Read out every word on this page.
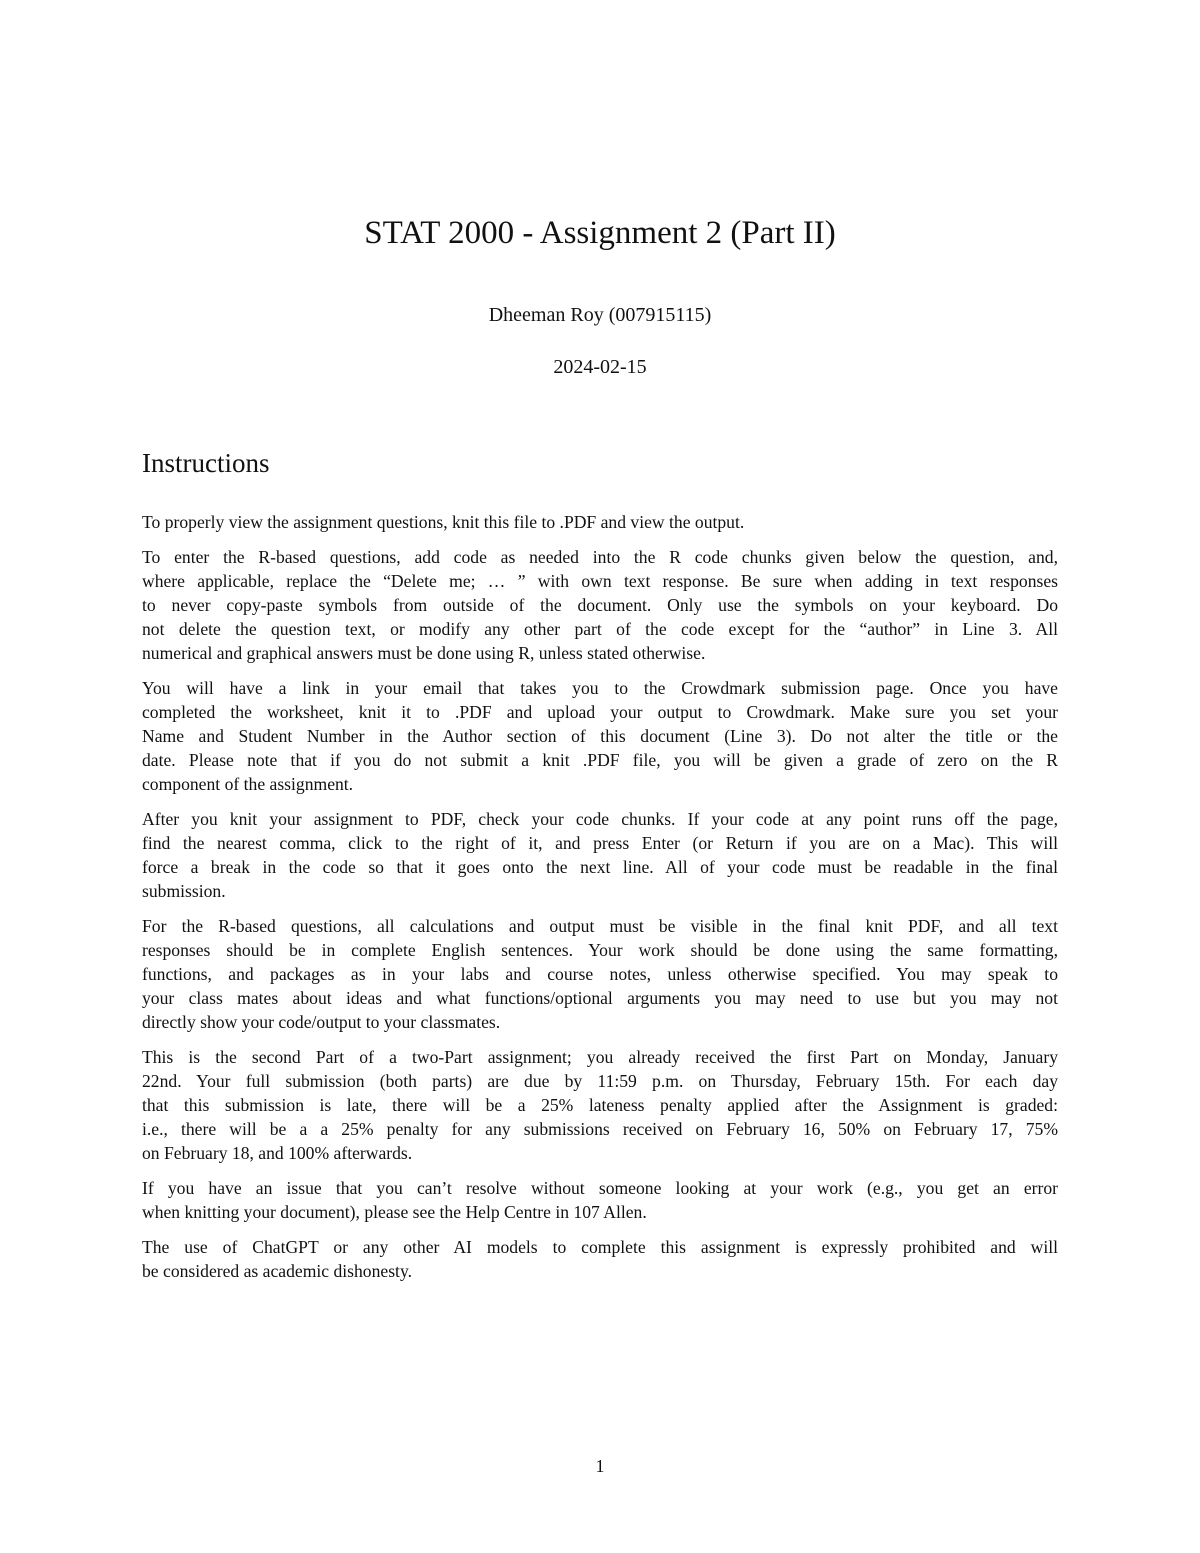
STAT 2000 - Assignment 2 (Part II)
Dheeman Roy (007915115)
2024-02-15
Instructions
To properly view the assignment questions, knit this file to .PDF and view the output.
To enter the R-based questions, add code as needed into the R code chunks given below the question, and,
where applicable, replace the “Delete me; … ” with own text response. Be sure when adding in text responses
to never copy-paste symbols from outside of the document. Only use the symbols on your keyboard. Do
not delete the question text, or modify any other part of the code except for the “author” in Line 3. All
numerical and graphical answers must be done using R, unless stated otherwise.
You will have a link in your email that takes you to the Crowdmark submission page. Once you have
completed the worksheet, knit it to .PDF and upload your output to Crowdmark. Make sure you set your
Name and Student Number in the Author section of this document (Line 3). Do not alter the title or the
date. Please note that if you do not submit a knit .PDF file, you will be given a grade of zero on the R
component of the assignment.
After you knit your assignment to PDF, check your code chunks. If your code at any point runs off the page,
find the nearest comma, click to the right of it, and press Enter (or Return if you are on a Mac). This will
force a break in the code so that it goes onto the next line. All of your code must be readable in the final
submission.
For the R-based questions, all calculations and output must be visible in the final knit PDF, and all text
responses should be in complete English sentences. Your work should be done using the same formatting,
functions, and packages as in your labs and course notes, unless otherwise specified. You may speak to
your class mates about ideas and what functions/optional arguments you may need to use but you may not
directly show your code/output to your classmates.
This is the second Part of a two-Part assignment; you already received the first Part on Monday, January
22nd. Your full submission (both parts) are due by 11:59 p.m. on Thursday, February 15th. For each day
that this submission is late, there will be a 25% lateness penalty applied after the Assignment is graded:
i.e., there will be a a 25% penalty for any submissions received on February 16, 50% on February 17, 75%
on February 18, and 100% afterwards.
If you have an issue that you can’t resolve without someone looking at your work (e.g., you get an error
when knitting your document), please see the Help Centre in 107 Allen.
The use of ChatGPT or any other AI models to complete this assignment is expressly prohibited and will
be considered as academic dishonesty.
1
